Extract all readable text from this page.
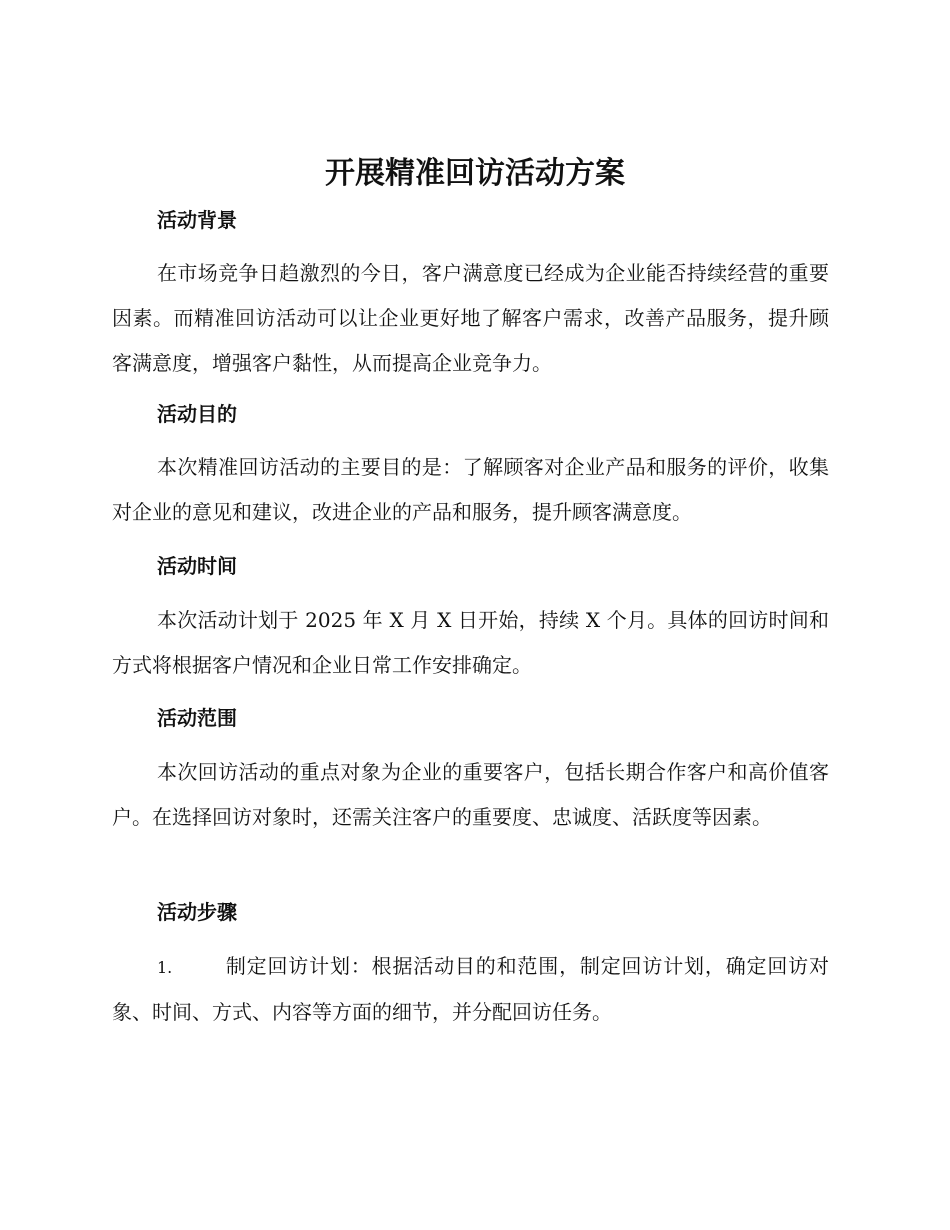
开展精准回访活动方案
活动背景
在市场竞争日趋激烈的今日，客户满意度已经成为企业能否持续经营的重要因素。而精准回访活动可以让企业更好地了解客户需求，改善产品服务，提升顾客满意度，增强客户黏性，从而提高企业竞争力。
活动目的
本次精准回访活动的主要目的是：了解顾客对企业产品和服务的评价，收集对企业的意见和建议，改进企业的产品和服务，提升顾客满意度。
活动时间
本次活动计划于 2025 年 X 月 X 日开始，持续 X 个月。具体的回访时间和方式将根据客户情况和企业日常工作安排确定。
活动范围
本次回访活动的重点对象为企业的重要客户，包括长期合作客户和高价值客户。在选择回访对象时，还需关注客户的重要度、忠诚度、活跃度等因素。
活动步骤
1.	制定回访计划：根据活动目的和范围，制定回访计划，确定回访对象、时间、方式、内容等方面的细节，并分配回访任务。
